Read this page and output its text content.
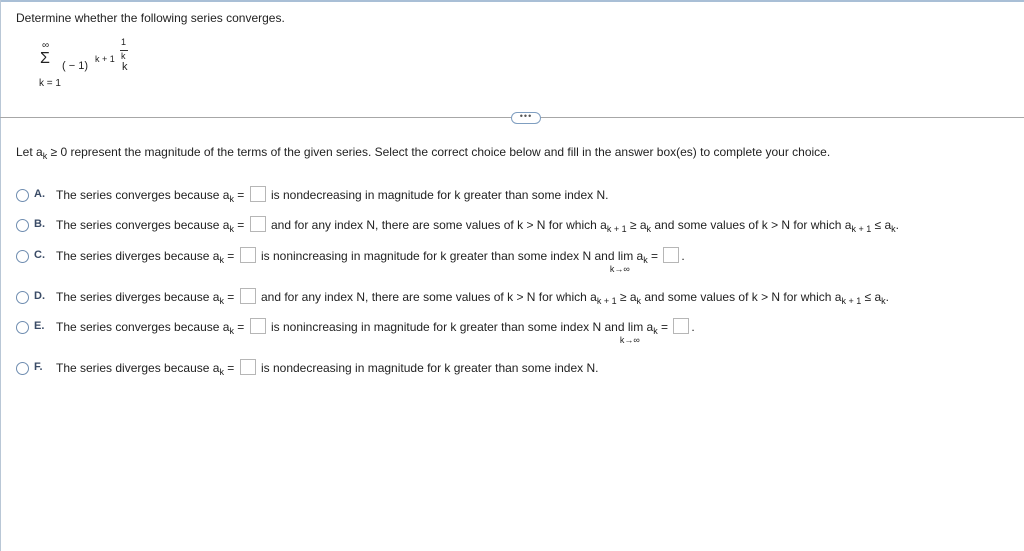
Determine whether the following series converges.
∞
Σ
k = 1
( − 1)
k + 1
k
1
k
•••
Let $a_k \ge 0$ represent the magnitude of the terms of the given series. Select the correct choice below and fill in the answer box(es) to complete your choice.
A. The series converges because $a_k$ = is nondecreasing in magnitude for k greater than some index N.
B. The series converges because $a_k$ = and for any index N, there are some values of k > N for which $a_{k + 1} \ge a_k$ and some values of k > N for which $a_{k + 1} \le a_k$.
C. The series diverges because $a_k$ = is nonincreasing in magnitude for k greater than some index N and lim
k→∞
$a_k$ = .
D. The series diverges because $a_k$ = and for any index N, there are some values of k > N for which $a_{k + 1} \ge a_k$ and some values of k > N for which $a_{k + 1} \le a_k$.
E. The series converges because $a_k$ = is nonincreasing in magnitude for k greater than some index N and lim
k→∞
$a_k$ = .
F. The series diverges because $a_k$ = is nondecreasing in magnitude for k greater than some index N.
